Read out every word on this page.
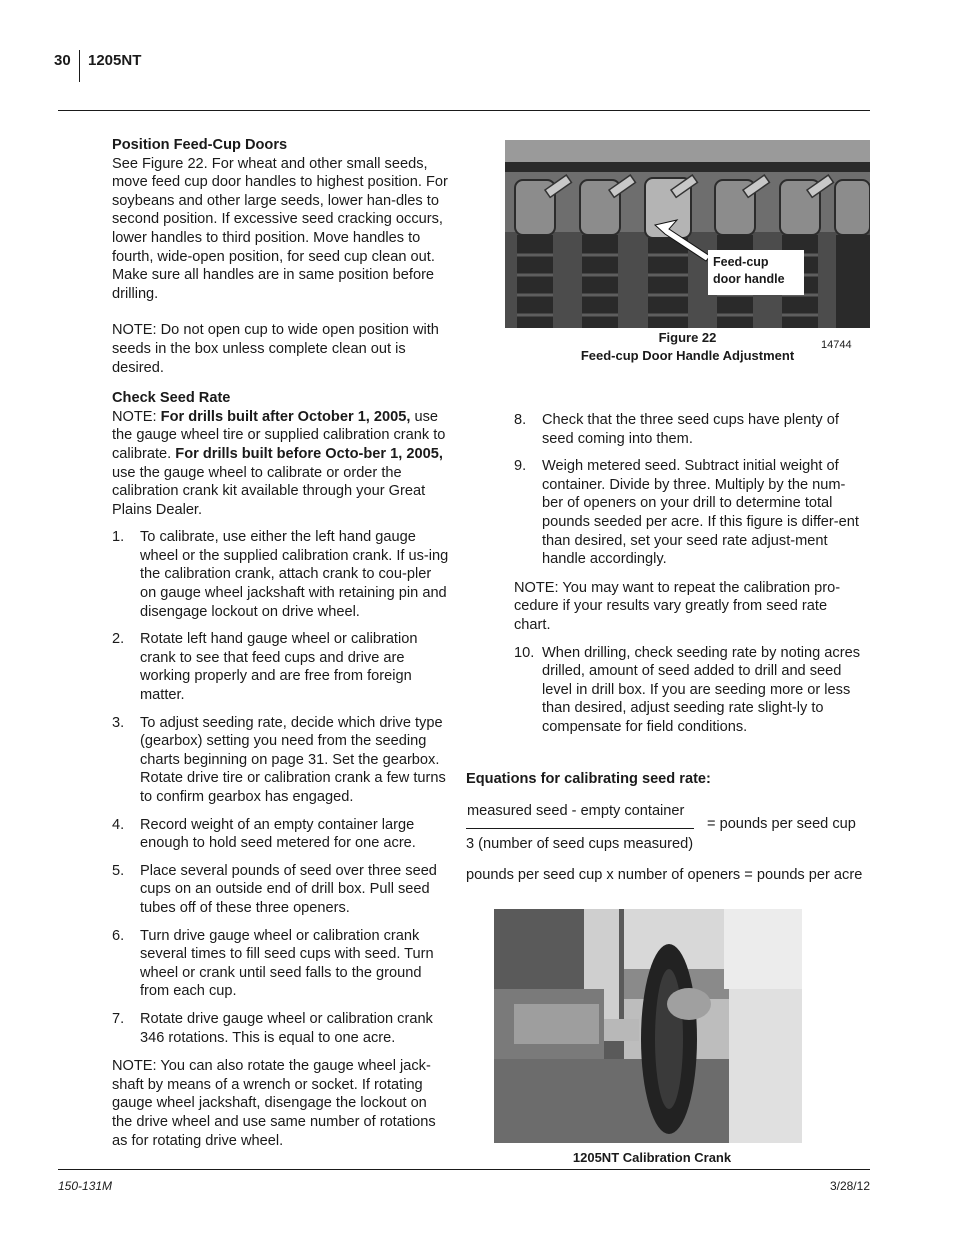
30 1205NT
Position Feed-Cup Doors

See Figure 22. For wheat and other small seeds, move feed cup door handles to highest position. For soybeans and other large seeds, lower han-dles to second position. If excessive seed cracking occurs, lower handles to third position. Move handles to fourth, wide-open position, for seed cup clean out. Make sure all handles are in same position before drilling.

NOTE: Do not open cup to wide open position with seeds in the box unless complete clean out is desired.

Check Seed Rate

NOTE: For drills built after October 1, 2005, use the gauge wheel tire or supplied calibration crank to calibrate. For drills built before Octo-ber 1, 2005, use the gauge wheel to calibrate or order the calibration crank kit available through your Great Plains Dealer.

1. To calibrate, use either the left hand gauge wheel or the supplied calibration crank. If us-ing the calibration crank, attach crank to cou-pler on gauge wheel jackshaft with retaining pin and disengage lockout on drive wheel.
2. Rotate left hand gauge wheel or calibration crank to see that feed cups and drive are working properly and are free from foreign matter.
3. To adjust seeding rate, decide which drive type (gearbox) setting you need from the seeding charts beginning on page 31. Set the gearbox. Rotate drive tire or calibration crank a few turns to confirm gearbox has engaged.
4. Record weight of an empty container large enough to hold seed metered for one acre.
5. Place several pounds of seed over three seed cups on an outside end of drill box. Pull seed tubes off of these three openers.
6. Turn drive gauge wheel or calibration crank several times to fill seed cups with seed. Turn wheel or crank until seed falls to the ground from each cup.
7. Rotate drive gauge wheel or calibration crank 346 rotations. This is equal to one acre.

NOTE: You can also rotate the gauge wheel jack-shaft by means of a wrench or socket. If rotating gauge wheel jackshaft, disengage the lockout on the drive wheel and use same number of rotations as for rotating drive wheel.

Feed-cup door handle
Figure 22
Feed-cup Door Handle Adjustment
14744
8. Check that the three seed cups have plenty of seed coming into them.
9. Weigh metered seed. Subtract initial weight of container. Divide by three. Multiply by the num-ber of openers on your drill to determine total pounds seeded per acre. If this figure is differ-ent than desired, set your seed rate adjust-ment handle accordingly.

NOTE: You may want to repeat the calibration pro-cedure if your results vary greatly from seed rate chart.

10. When drilling, check seeding rate by noting acres drilled, amount of seed added to drill and seed level in drill box. If you are seeding more or less than desired, adjust seeding rate slight-ly to compensate for field conditions.
Equations for calibrating seed rate:
measured seed - empty container
3 (number of seed cups measured)
= pounds per seed cup
pounds per seed cup x number of openers = pounds per acre
1205NT Calibration Crank
150-131M	3/28/12
